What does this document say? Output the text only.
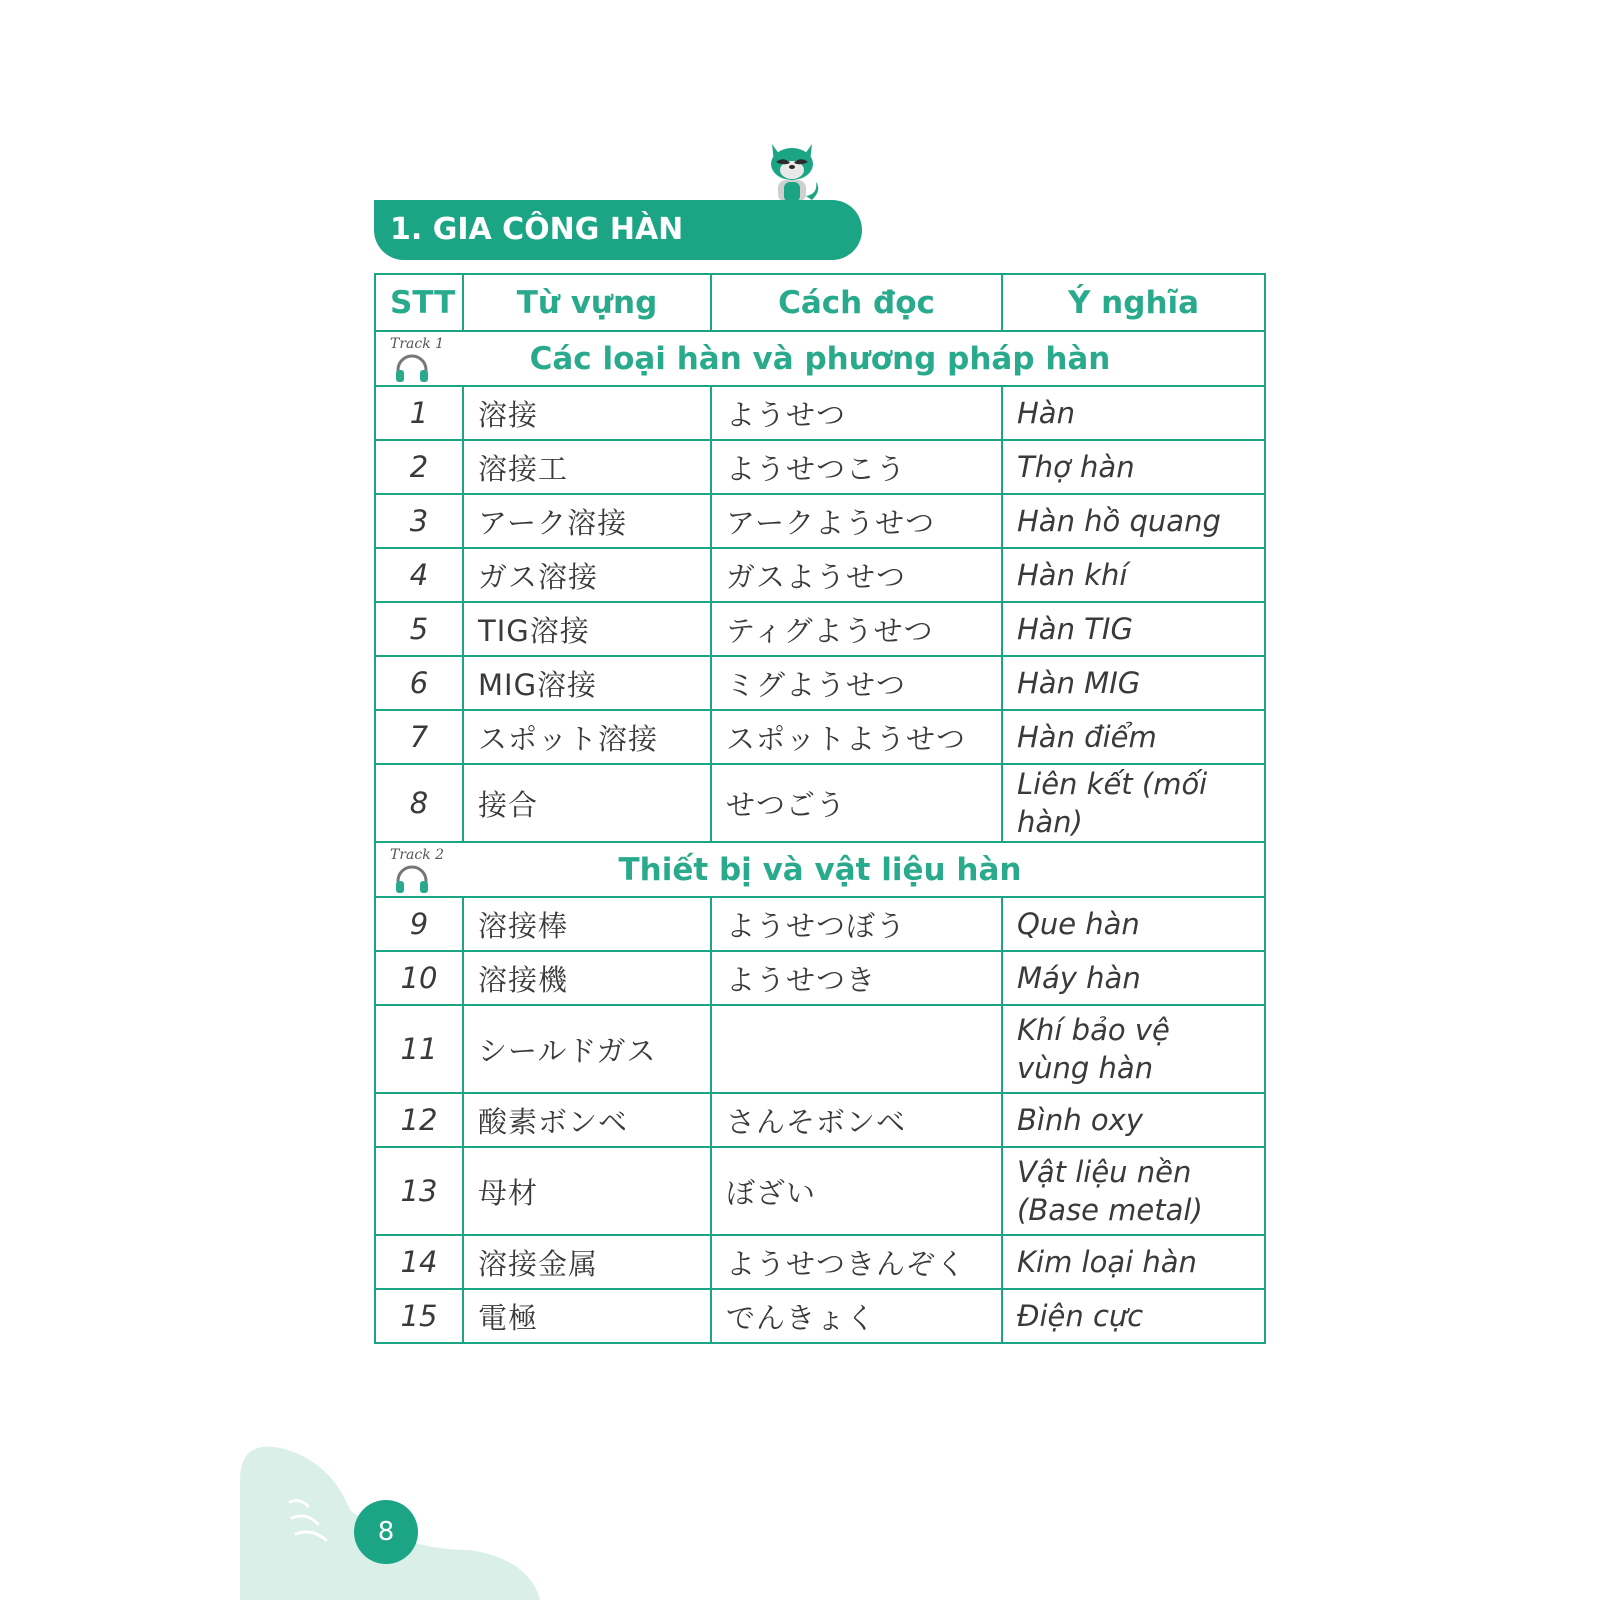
1. GIA CÔNG HÀN
STT	Từ vựng	Cách đọc	Ý nghĩa

Track 1 Các loại hàn và phương pháp hàn			
1	溶接	ようせつ	Hàn
2	溶接工	ようせつこう	Thợ hàn
3	アーク溶接	アークようせつ	Hàn hồ quang
4	ガス溶接	ガスようせつ	Hàn khí
5	TIG溶接	ティグようせつ	Hàn TIG
6	MIG溶接	ミグようせつ	Hàn MIG
7	スポット溶接	スポットようせつ	Hàn điểm
8	接合	せつごう	Liên kết (mối hàn)

Track 2 Thiết bị và vật liệu hàn			
9	溶接棒	ようせつぼう	Que hàn
10	溶接機	ようせつき	Máy hàn
11	シールドガス		Khí bảo vệ vùng hàn
12	酸素ボンベ	さんそボンベ	Bình oxy
13	母材	ぼざい	Vật liệu nền (Base metal)
14	溶接金属	ようせつきんぞく	Kim loại hàn
15	電極	でんきょく	Điện cực
8
